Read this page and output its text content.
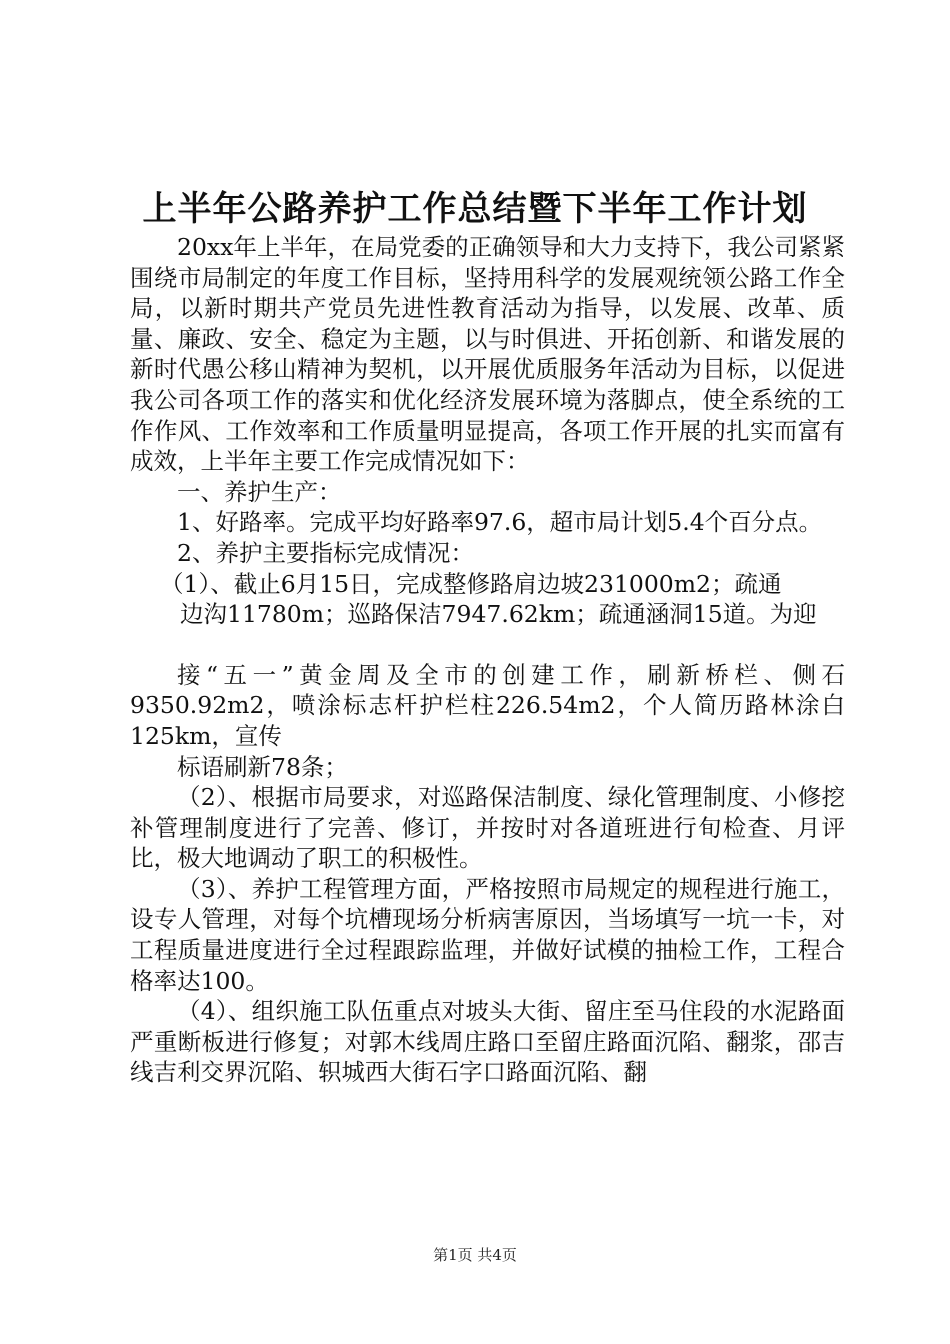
上半年公路养护工作总结暨下半年工作计划

20xx年上半年，在局党委的正确领导和大力支持下，我公司紧紧围绕市局制定的年度工作目标，坚持用科学的发展观统领公路工作全局，以新时期共产党员先进性教育活动为指导，以发展、改革、质量、廉政、安全、稳定为主题，以与时俱进、开拓创新、和谐发展的新时代愚公移山精神为契机，以开展优质服务年活动为目标，以促进我公司各项工作的落实和优化经济发展环境为落脚点，使全系统的工作作风、工作效率和工作质量明显提高，各项工作开展的扎实而富有成效，上半年主要工作完成情况如下：

一、养护生产：

1、好路率。完成平均好路率97.6，超市局计划5.4个百分点。

2、养护主要指标完成情况：

（1）、截止6月15日，完成整修路肩边坡231000m2；疏通

边沟11780m；巡路保洁7947.62km；疏通涵洞15道。为迎

接“五一”黄金周及全市的创建工作，刷新桥栏、侧石9350.92m2，喷涂标志杆护栏柱226.54m2，个人简历路林涂白125km，宣传

标语刷新78条；

（2）、根据市局要求，对巡路保洁制度、绿化管理制度、小修挖补管理制度进行了完善、修订，并按时对各道班进行旬检查、月评比，极大地调动了职工的积极性。

（3）、养护工程管理方面，严格按照市局规定的规程进行施工，设专人管理，对每个坑槽现场分析病害原因，当场填写一坑一卡，对工程质量进度进行全过程跟踪监理，并做好试模的抽检工作，工程合格率达100。

（4）、组织施工队伍重点对坡头大街、留庄至马住段的水泥路面严重断板进行修复；对郭木线周庄路口至留庄路面沉陷、翻浆，邵吉线吉利交界沉陷、轵城西大街石字口路面沉陷、翻

第1页 共4页
